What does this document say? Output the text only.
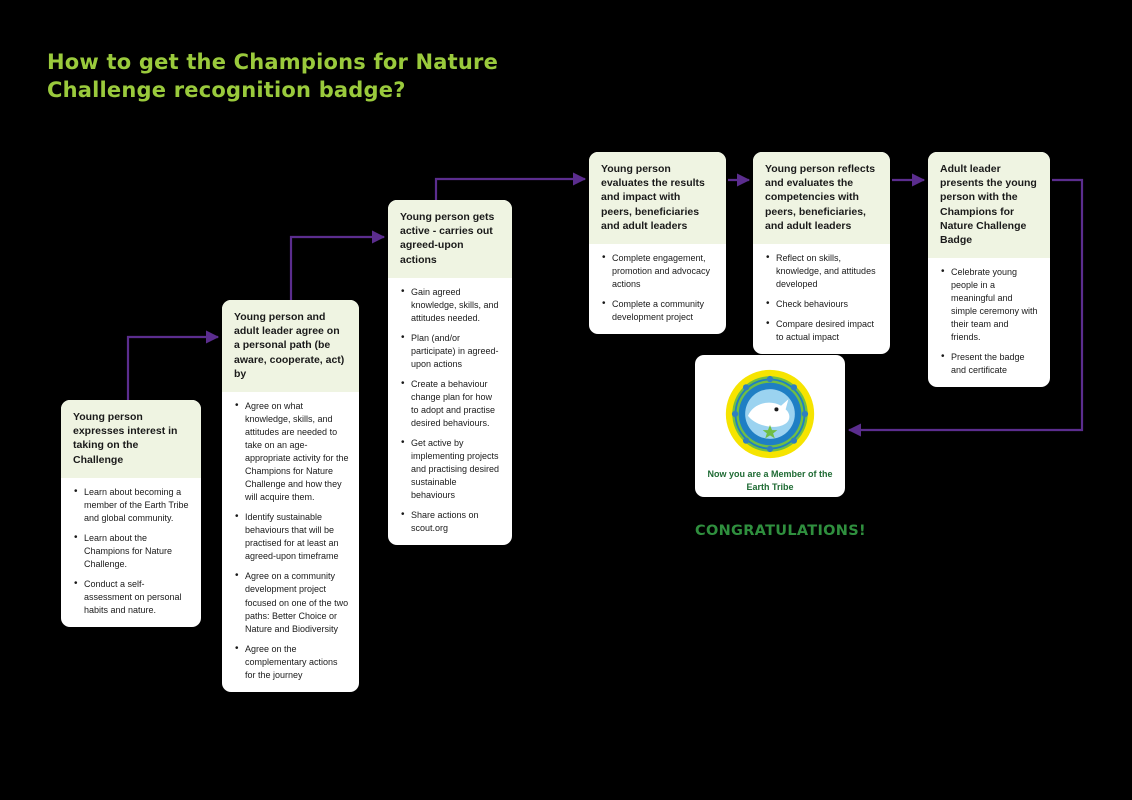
How to get the Champions for Nature Challenge recognition badge?
Young person expresses interest in taking on the Challenge
• Learn about becoming a member of the Earth Tribe and global community.
• Learn about the Champions for Nature Challenge.
• Conduct a self-assessment on personal habits and nature.
Young person and adult leader agree on a personal path (be aware, cooperate, act) by
• Agree on what knowledge, skills, and attitudes are needed to take on an age-appropriate activity for the Champions for Nature Challenge and how they will acquire them.
• Identify sustainable behaviours that will be practised for at least an agreed-upon timeframe
• Agree on a community development project focused on one of the two paths: Better Choice or Nature and Biodiversity
• Agree on the complementary actions for the journey
Young person gets active - carries out agreed-upon actions
• Gain agreed knowledge, skills, and attitudes needed.
• Plan (and/or participate) in agreed-upon actions
• Create a behaviour change plan for how to adopt and practise desired behaviours.
• Get active by implementing projects and practising desired sustainable behaviours
• Share actions on scout.org
Young person evaluates the results and impact with peers, beneficiaries and adult leaders
• Complete engagement, promotion and advocacy actions
• Complete a community development project
Young person reflects and evaluates the competencies with peers, beneficiaries, and adult leaders
• Reflect on skills, knowledge, and attitudes developed
• Check behaviours
• Compare desired impact to actual impact
Adult leader presents the young person with the Champions for Nature Challenge Badge
• Celebrate young people in a meaningful and simple ceremony with their team and friends.
• Present the badge and certificate
Now you are a Member of the Earth Tribe
CONGRATULATIONS!
